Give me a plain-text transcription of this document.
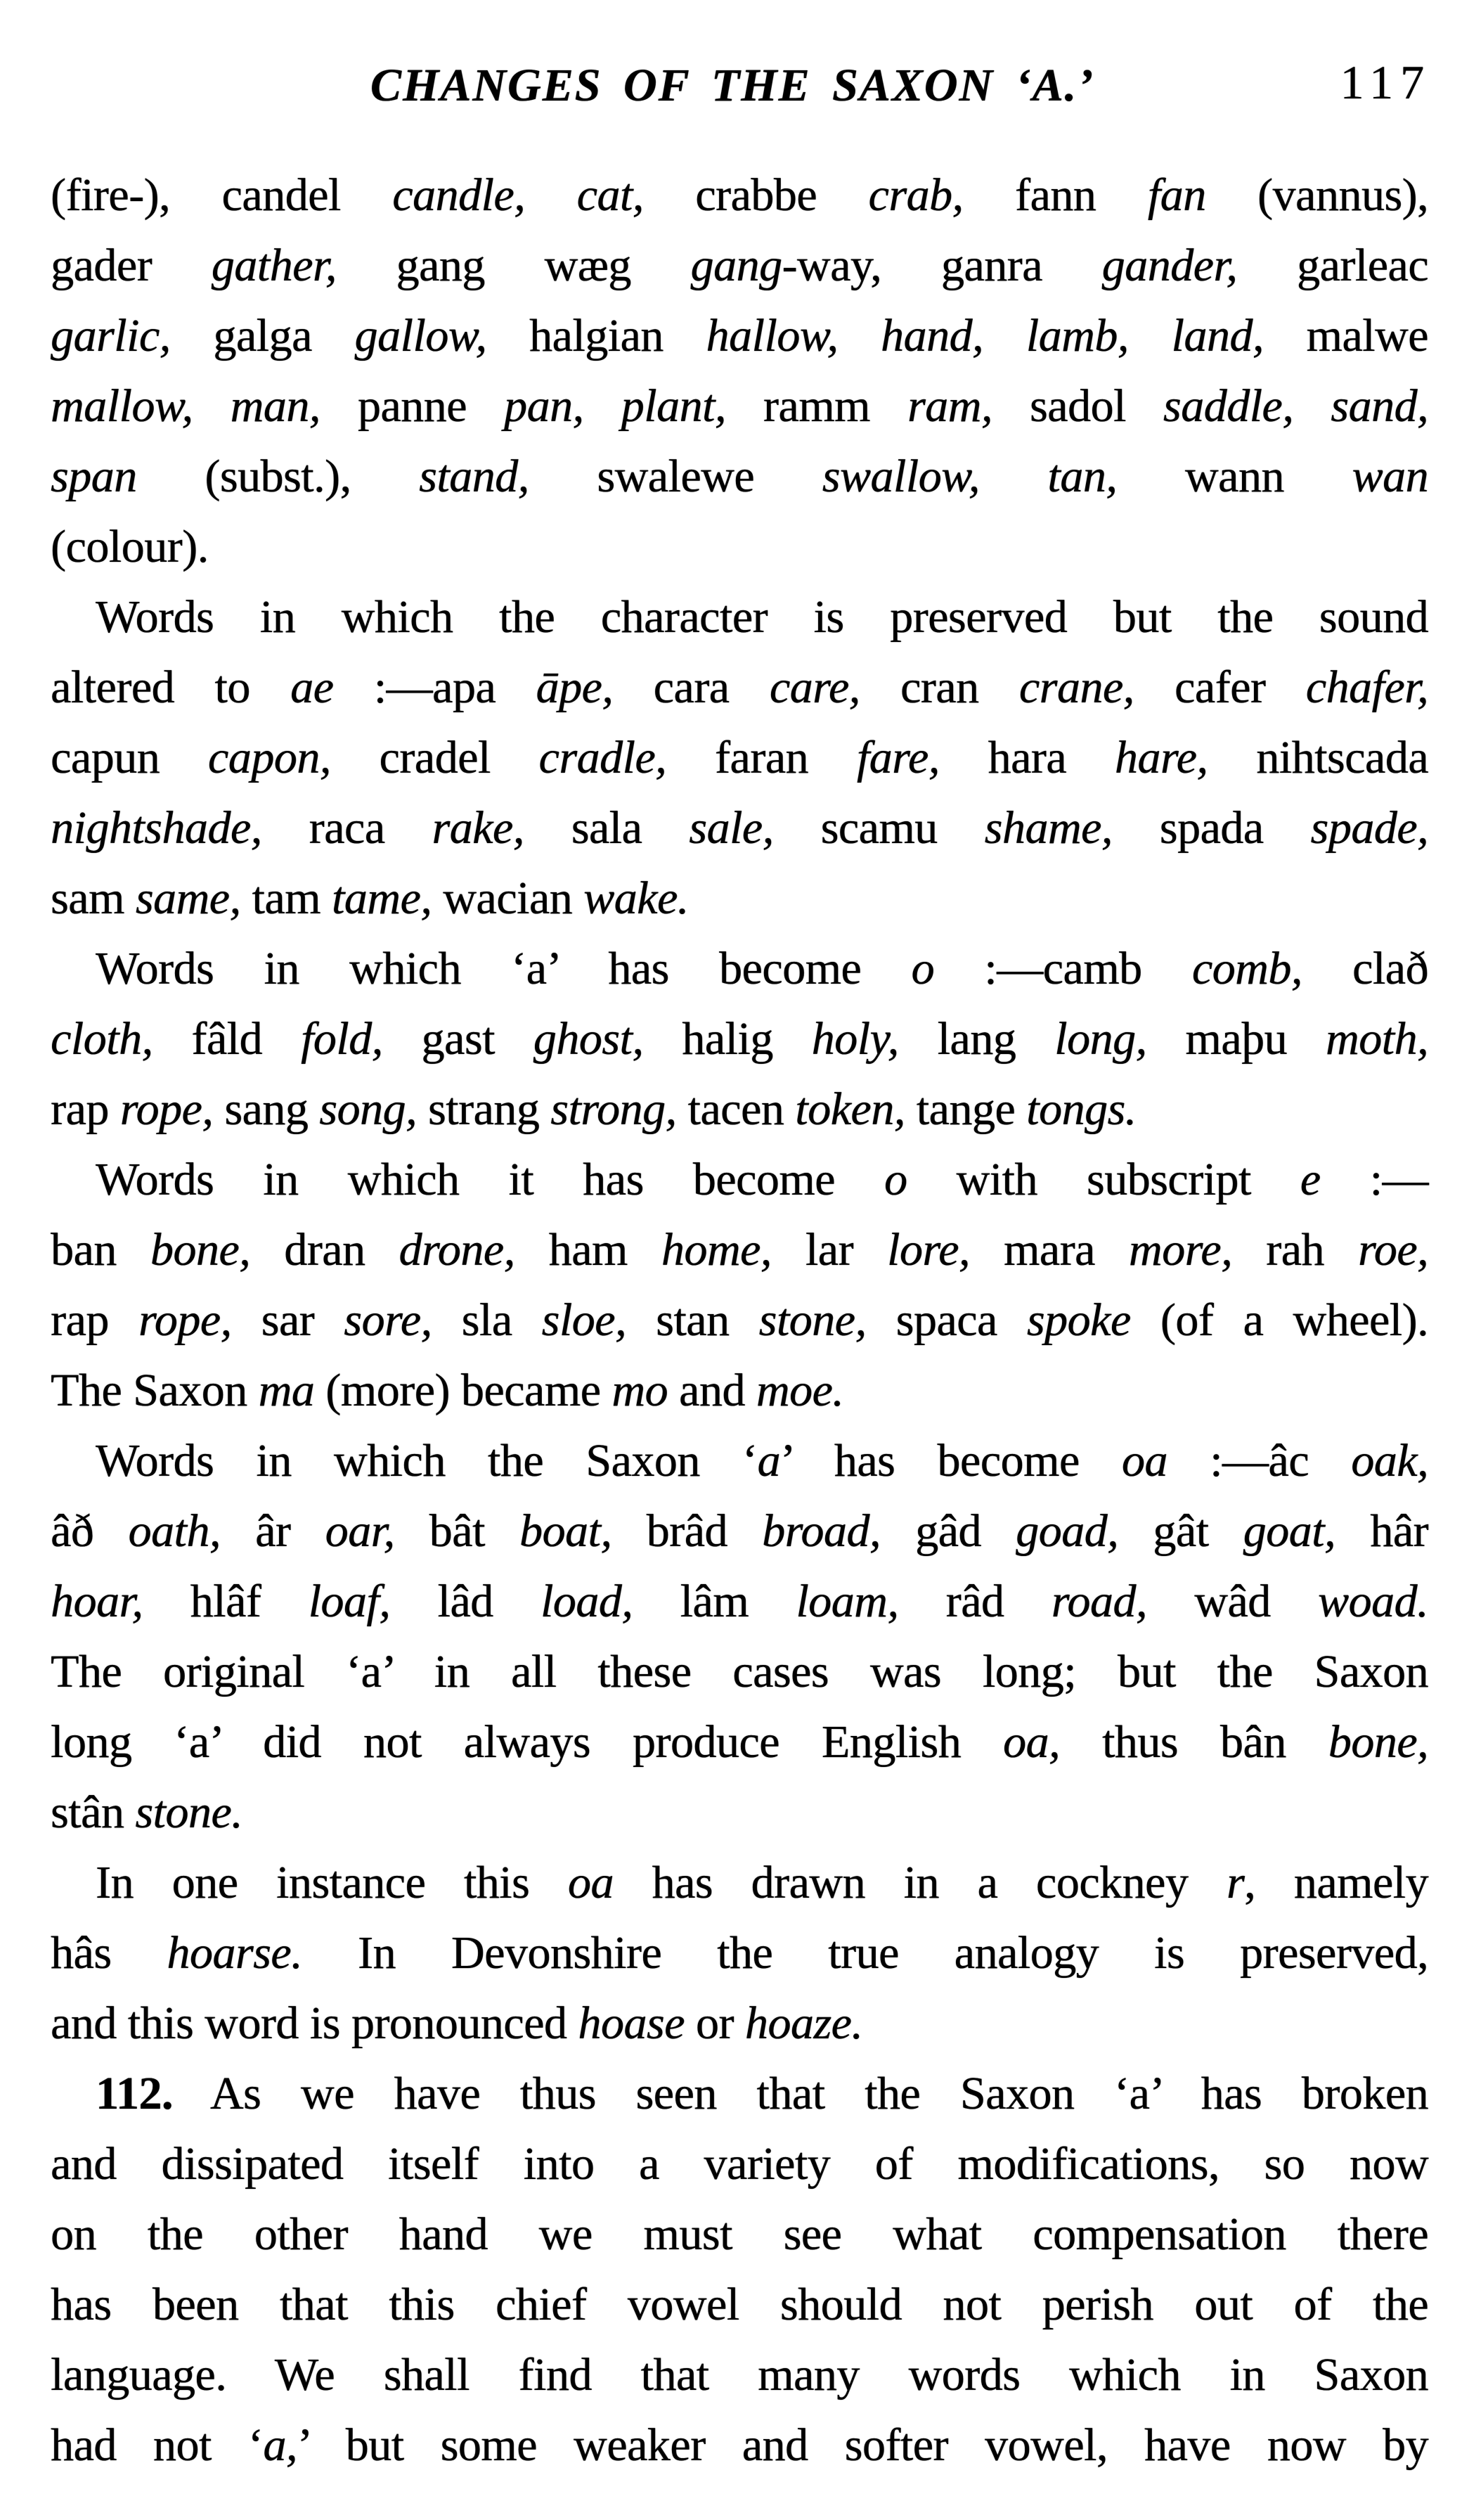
CHANGES OF THE SAXON ‘A.’	117
(fire-), candel candle, cat, crabbe crab, fann fan (vannus),
gader gather, gang wæg gang-way, ganra gander, garleac
garlic, galga gallow, halgian hallow, hand, lamb, land, malwe
mallow, man, panne pan, plant, ramm ram, sadol saddle, sand,
span (subst.), stand, swalewe swallow, tan, wann wan
(colour).
Words in which the character is preserved but the sound
altered to ae :—apa āpe, cara care, cran crane, cafer chafer,
capun capon, cradel cradle, faran fare, hara hare, nihtscada
nightshade, raca rake, sala sale, scamu shame, spada spade,
sam same, tam tame, wacian wake.
Words in which ‘a’ has become o :—camb comb, clað
cloth, fâld fold, gast ghost, halig holy, lang long, maþu moth,
rap rope, sang song, strang strong, tacen token, tange tongs.
Words in which it has become o with subscript e :—
ban bone, dran drone, ham home, lar lore, mara more, rah roe,
rap rope, sar sore, sla sloe, stan stone, spaca spoke (of a wheel).
The Saxon ma (more) became mo and moe.
Words in which the Saxon ‘a’ has become oa :—âc oak,
âð oath, âr oar, bât boat, brâd broad, gâd goad, gât goat, hâr
hoar, hlâf loaf, lâd load, lâm loam, râd road, wâd woad.
The original ‘a’ in all these cases was long; but the Saxon
long ‘a’ did not always produce English oa, thus bân bone,
stân stone.
In one instance this oa has drawn in a cockney r, namely
hâs hoarse. In Devonshire the true analogy is preserved,
and this word is pronounced hoase or hoaze.
112. As we have thus seen that the Saxon ‘a’ has broken
and dissipated itself into a variety of modifications, so now
on the other hand we must see what compensation there
has been that this chief vowel should not perish out of the
language. We shall find that many words which in Saxon
had not ‘a,’ but some weaker and softer vowel, have now by
